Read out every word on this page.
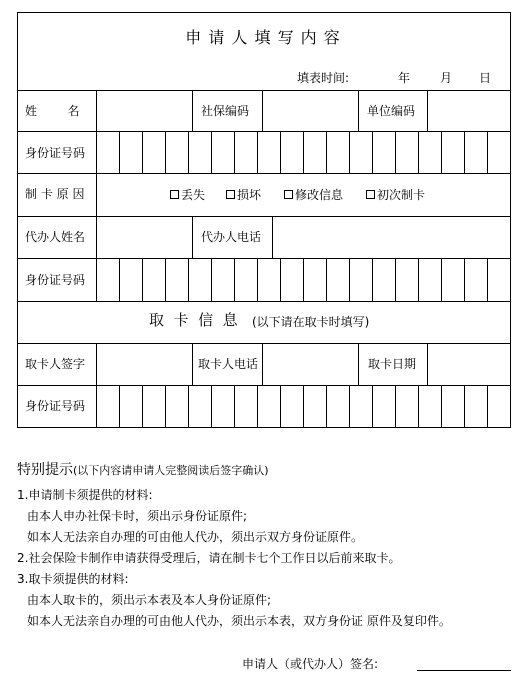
申 请 人 填 写 内 容
填表时间:	年 月 日
姓        名	社保编码	单位编码
身份证号码
制 卡 原 因	丢失	损坏	修改信息	初次制卡
代办人姓名	代办人电话
身份证号码
取  卡  信  息 (以下请在取卡时填写)
取卡人签字	取卡人电话	取卡日期
身份证号码
特别提示(以下内容请申请人完整阅读后签字确认)
1.申请制卡须提供的材料:
由本人申办社保卡时，须出示身份证原件;
如本人无法亲自办理的可由他人代办，须出示双方身份证原件。
2.社会保险卡制作申请获得受理后，请在制卡七个工作日以后前来取卡。
3.取卡须提供的材料:
由本人取卡的，须出示本表及本人身份证原件;
如本人无法亲自办理的可由他人代办，须出示本表，双方身份证 原件及复印件。
申请人（或代办人）签名:
